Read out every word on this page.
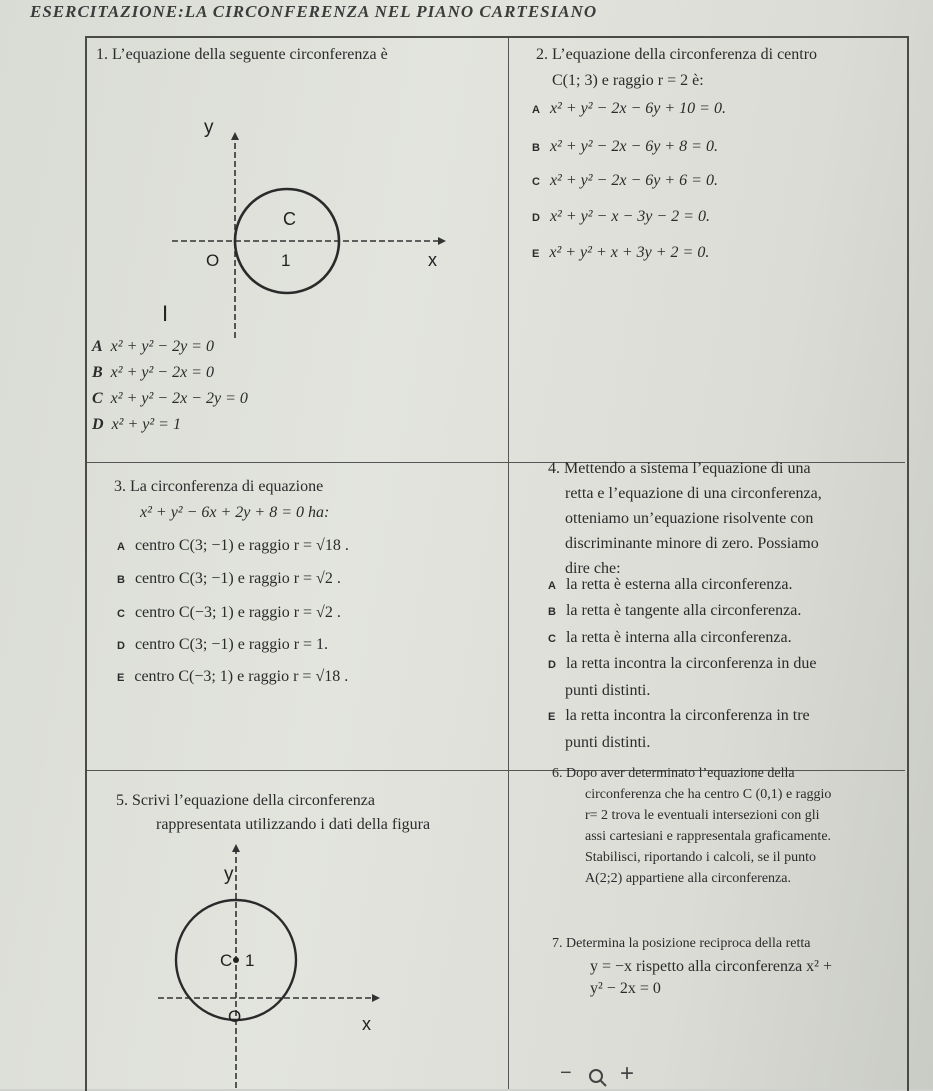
ESERCITAZIONE:LA CIRCONFERENZA NEL PIANO CARTESIANO
1. L’equazione della seguente circonferenza è
y
C
O	1	x
I
A x² + y² − 2y = 0
B x² + y² − 2x = 0
C x² + y² − 2x − 2y = 0
D x² + y² = 1
2. L’equazione della circonferenza di centro
C(1; 3) e raggio r = 2 è:
A x² + y² − 2x − 6y + 10 = 0.
B x² + y² − 2x − 6y + 8 = 0.
C x² + y² − 2x − 6y + 6 = 0.
D x² + y² − x − 3y − 2 = 0.
E x² + y² + x + 3y + 2 = 0.
3. La circonferenza di equazione
x² + y² − 6x + 2y + 8 = 0 ha:
A centro C(3; −1) e raggio r = √18 .
B centro C(3; −1) e raggio r = √2 .
C centro C(−3; 1) e raggio r = √2 .
D centro C(3; −1) e raggio r = 1.
E centro C(−3; 1) e raggio r = √18 .
4. Mettendo a sistema l’equazione di una
retta e l’equazione di una circonferenza,
otteniamo un’equazione risolvente con
discriminante minore di zero. Possiamo
dire che:
A la retta è esterna alla circonferenza.
B la retta è tangente alla circonferenza.
C la retta è interna alla circonferenza.
D la retta incontra la circonferenza in due
punti distinti.
E la retta incontra la circonferenza in tre
punti distinti.
5. Scrivi l’equazione della circonferenza
rappresentata utilizzando i dati della figura
y
C 1
O	x
6. Dopo aver determinato l’equazione della
circonferenza che ha centro C (0,1) e raggio
r= 2 trova le eventuali intersezioni con gli
assi cartesiani e rappresentala graficamente.
Stabilisci, riportando i calcoli, se il punto
A(2;2) appartiene alla circonferenza.
7. Determina la posizione reciproca della retta
y = −x rispetto alla circonferenza x² +
y² − 2x = 0
− +
